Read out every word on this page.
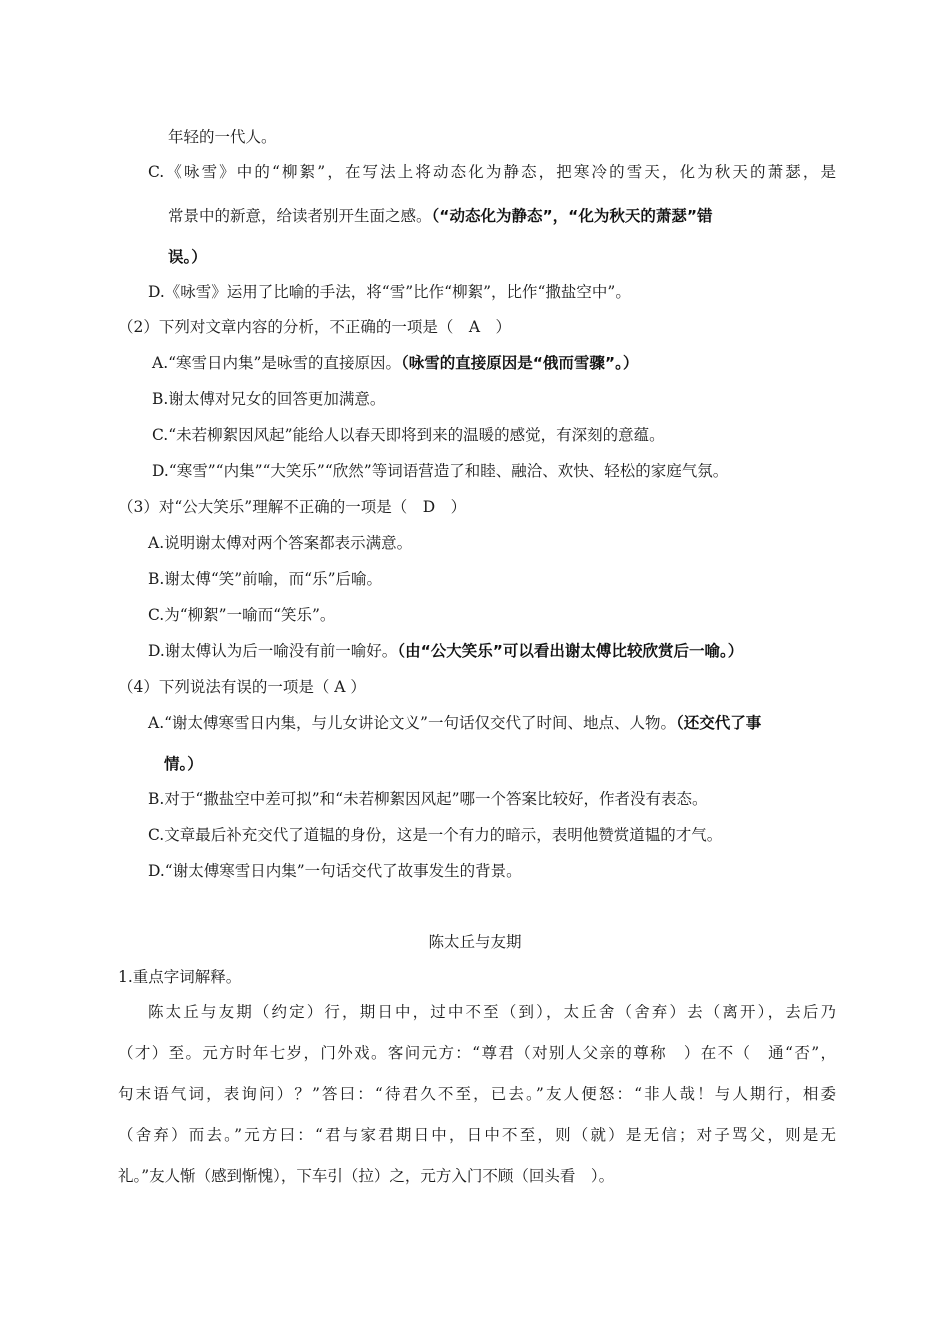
年轻的一代人。
C.《咏雪》中的“柳絮”，在写法上将动态化为静态，把寒冷的雪天，化为秋天的萧瑟，是
常景中的新意，给读者别开生面之感。（“动态化为静态”，“化为秋天的萧瑟”错
误。）
D.《咏雪》运用了比喻的手法，将“雪”比作“柳絮”，比作“撒盐空中”。
（2）下列对文章内容的分析，不正确的一项是（　A　）
A.“寒雪日内集”是咏雪的直接原因。（咏雪的直接原因是“俄而雪骤”。）
B.谢太傅对兄女的回答更加满意。
C.“未若柳絮因风起”能给人以春天即将到来的温暖的感觉，有深刻的意蕴。
D.“寒雪”“内集”“大笑乐”“欣然”等词语营造了和睦、融洽、欢快、轻松的家庭气氛。
（3）对“公大笑乐”理解不正确的一项是（　D　）
A.说明谢太傅对两个答案都表示满意。
B.谢太傅“笑”前喻，而“乐”后喻。
C.为“柳絮”一喻而“笑乐”。
D.谢太傅认为后一喻没有前一喻好。（由“公大笑乐”可以看出谢太傅比较欣赏后一喻。）
（4）下列说法有误的一项是（ A ）
A.“谢太傅寒雪日内集，与儿女讲论文义”一句话仅交代了时间、地点、人物。（还交代了事
情。）
B.对于“撒盐空中差可拟”和“未若柳絮因风起”哪一个答案比较好，作者没有表态。
C.文章最后补充交代了道韫的身份，这是一个有力的暗示，表明他赞赏道韫的才气。
D.“谢太傅寒雪日内集”一句话交代了故事发生的背景。
陈太丘与友期
1.重点字词解释。
陈太丘与友期（约定）行，期日中，过中不至（到），太丘舍（舍弃）去（离开），去后乃
（才）至。元方时年七岁，门外戏。客问元方：“尊君（对别人父亲的尊称　）在不（　通“否”，
句末语气词，表询问）？”答曰：“待君久不至，已去。”友人便怒：“非人哉！与人期行，相委
（舍弃）而去。”元方曰：“君与家君期日中，日中不至，则（就）是无信；对子骂父，则是无
礼。”友人惭（感到惭愧），下车引（拉）之，元方入门不顾（回头看　）。
